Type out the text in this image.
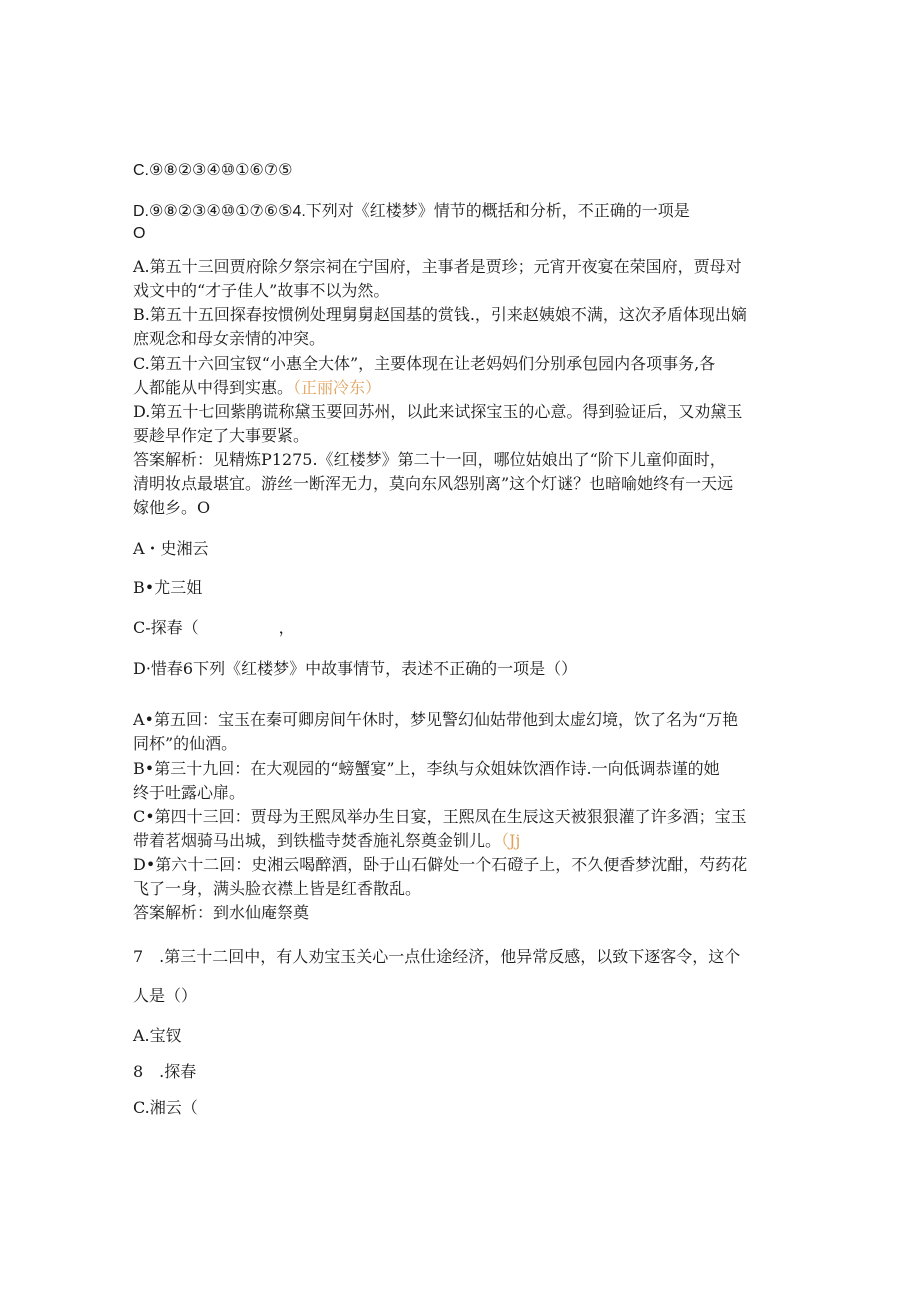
C.⑨⑧②③④⑩①⑥⑦⑤
D.⑨⑧②③④⑩①⑦⑥⑤4.下列对《红楼梦》情节的概括和分析，不正确的一项是
O
A.第五十三回贾府除夕祭宗祠在宁国府，主事者是贾珍；元宵开夜宴在荣国府，贾母对
戏文中的“才子佳人”故事不以为然。
B.第五十五回探春按惯例处理舅舅赵国基的赏钱.，引来赵姨娘不满，这次矛盾体现出嫡
庶观念和母女亲情的冲突。
C.第五十六回宝钗“小惠全大体”，主要体现在让老妈妈们分别承包园内各项事务,各
人都能从中得到实惠。（正丽冷东）
D.第五十七回紫鹃谎称黛玉要回苏州，以此来试探宝玉的心意。得到验证后，又劝黛玉
要趁早作定了大事要紧。
答案解析：见精炼P1275.《红楼梦》第二十一回，哪位姑娘出了“阶下儿童仰面时，
清明妆点最堪宜。游丝一断浑无力，莫向东风怨别离”这个灯谜？也暗喻她终有一天远
嫁他乡。O
A・史湘云
B•尤三姐
C-探春（　　　　　，
D·惜春6下列《红楼梦》中故事情节，表述不正确的一项是（）
A•第五回：宝玉在秦可卿房间午休时，梦见警幻仙姑带他到太虚幻境，饮了名为“万艳
同杯”的仙酒。
B•第三十九回：在大观园的“螃蟹宴”上，李纨与众姐妹饮酒作诗.一向低调恭谨的她
终于吐露心扉。
C•第四十三回：贾母为王熙凤举办生日宴，王熙凤在生辰这天被狠狠灌了许多酒；宝玉
带着茗烟骑马出城，到铁槛寺焚香施礼祭奠金钏儿。（Jj
D•第六十二回：史湘云喝醉酒，卧于山石僻处一个石磴子上，不久便香梦沈酣，芍药花
飞了一身，满头脸衣襟上皆是红香散乱。
答案解析：到水仙庵祭奠
7　.第三十二回中，有人劝宝玉关心一点仕途经济，他异常反感，以致下逐客令，这个
人是（）
A.宝钗
8　.探春
C.湘云（
